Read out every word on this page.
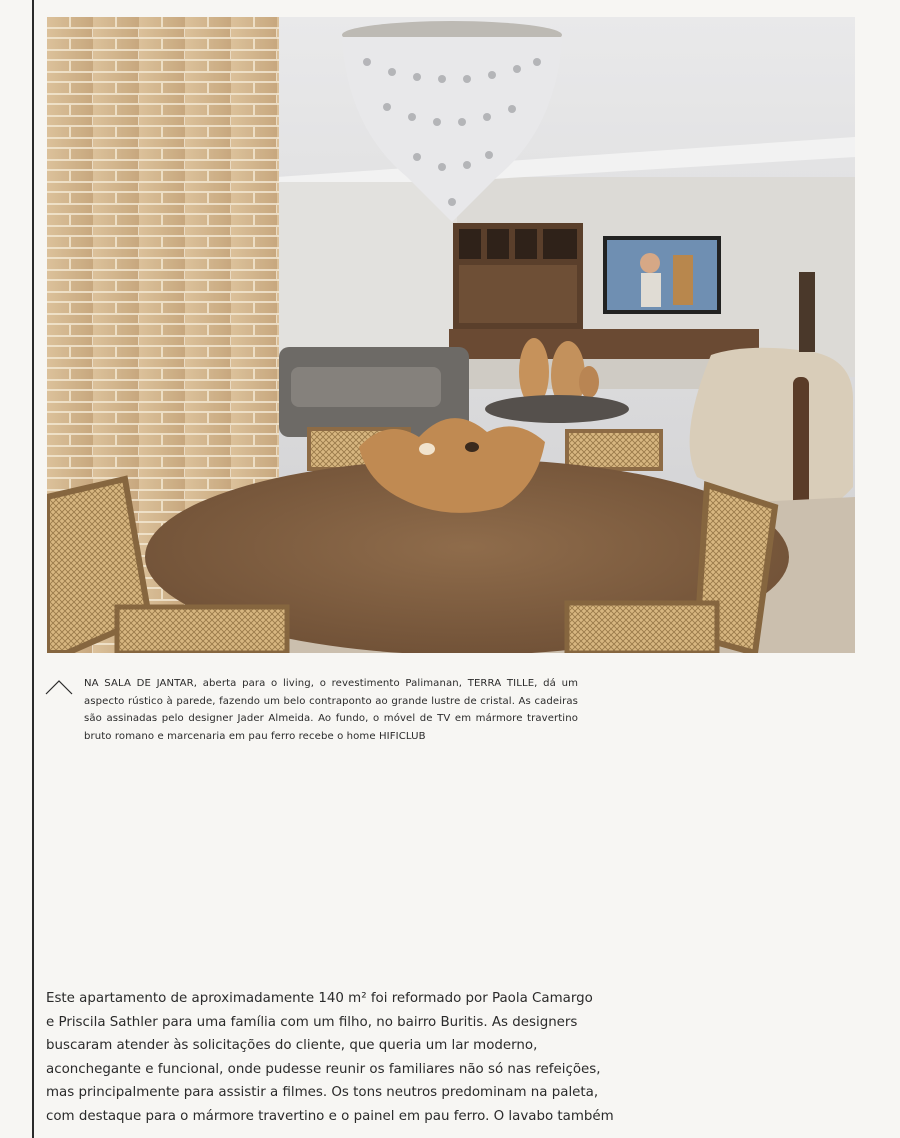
NA SALA DE JANTAR, aberta para o living, o revestimento Palimanan, TERRA TILLE, dá um aspecto rústico à parede, fazendo um belo contraponto ao grande lustre de cristal. As cadeiras são assinadas pelo designer Jader Almeida. Ao fundo, o móvel de TV em mármore travertino bruto romano e marcenaria em pau ferro recebe o home HIFICLUB
Este apartamento de aproximadamente 140 m² foi reformado por Paola Camargo
e Priscila Sathler para uma família com um filho, no bairro Buritis. As designers
buscaram atender às solicitações do cliente, que queria um lar moderno,
aconchegante e funcional, onde pudesse reunir os familiares não só nas refeições,
mas principalmente para assistir a filmes. Os tons neutros predominam na paleta,
com destaque para o mármore travertino e o painel em pau ferro. O lavabo também
